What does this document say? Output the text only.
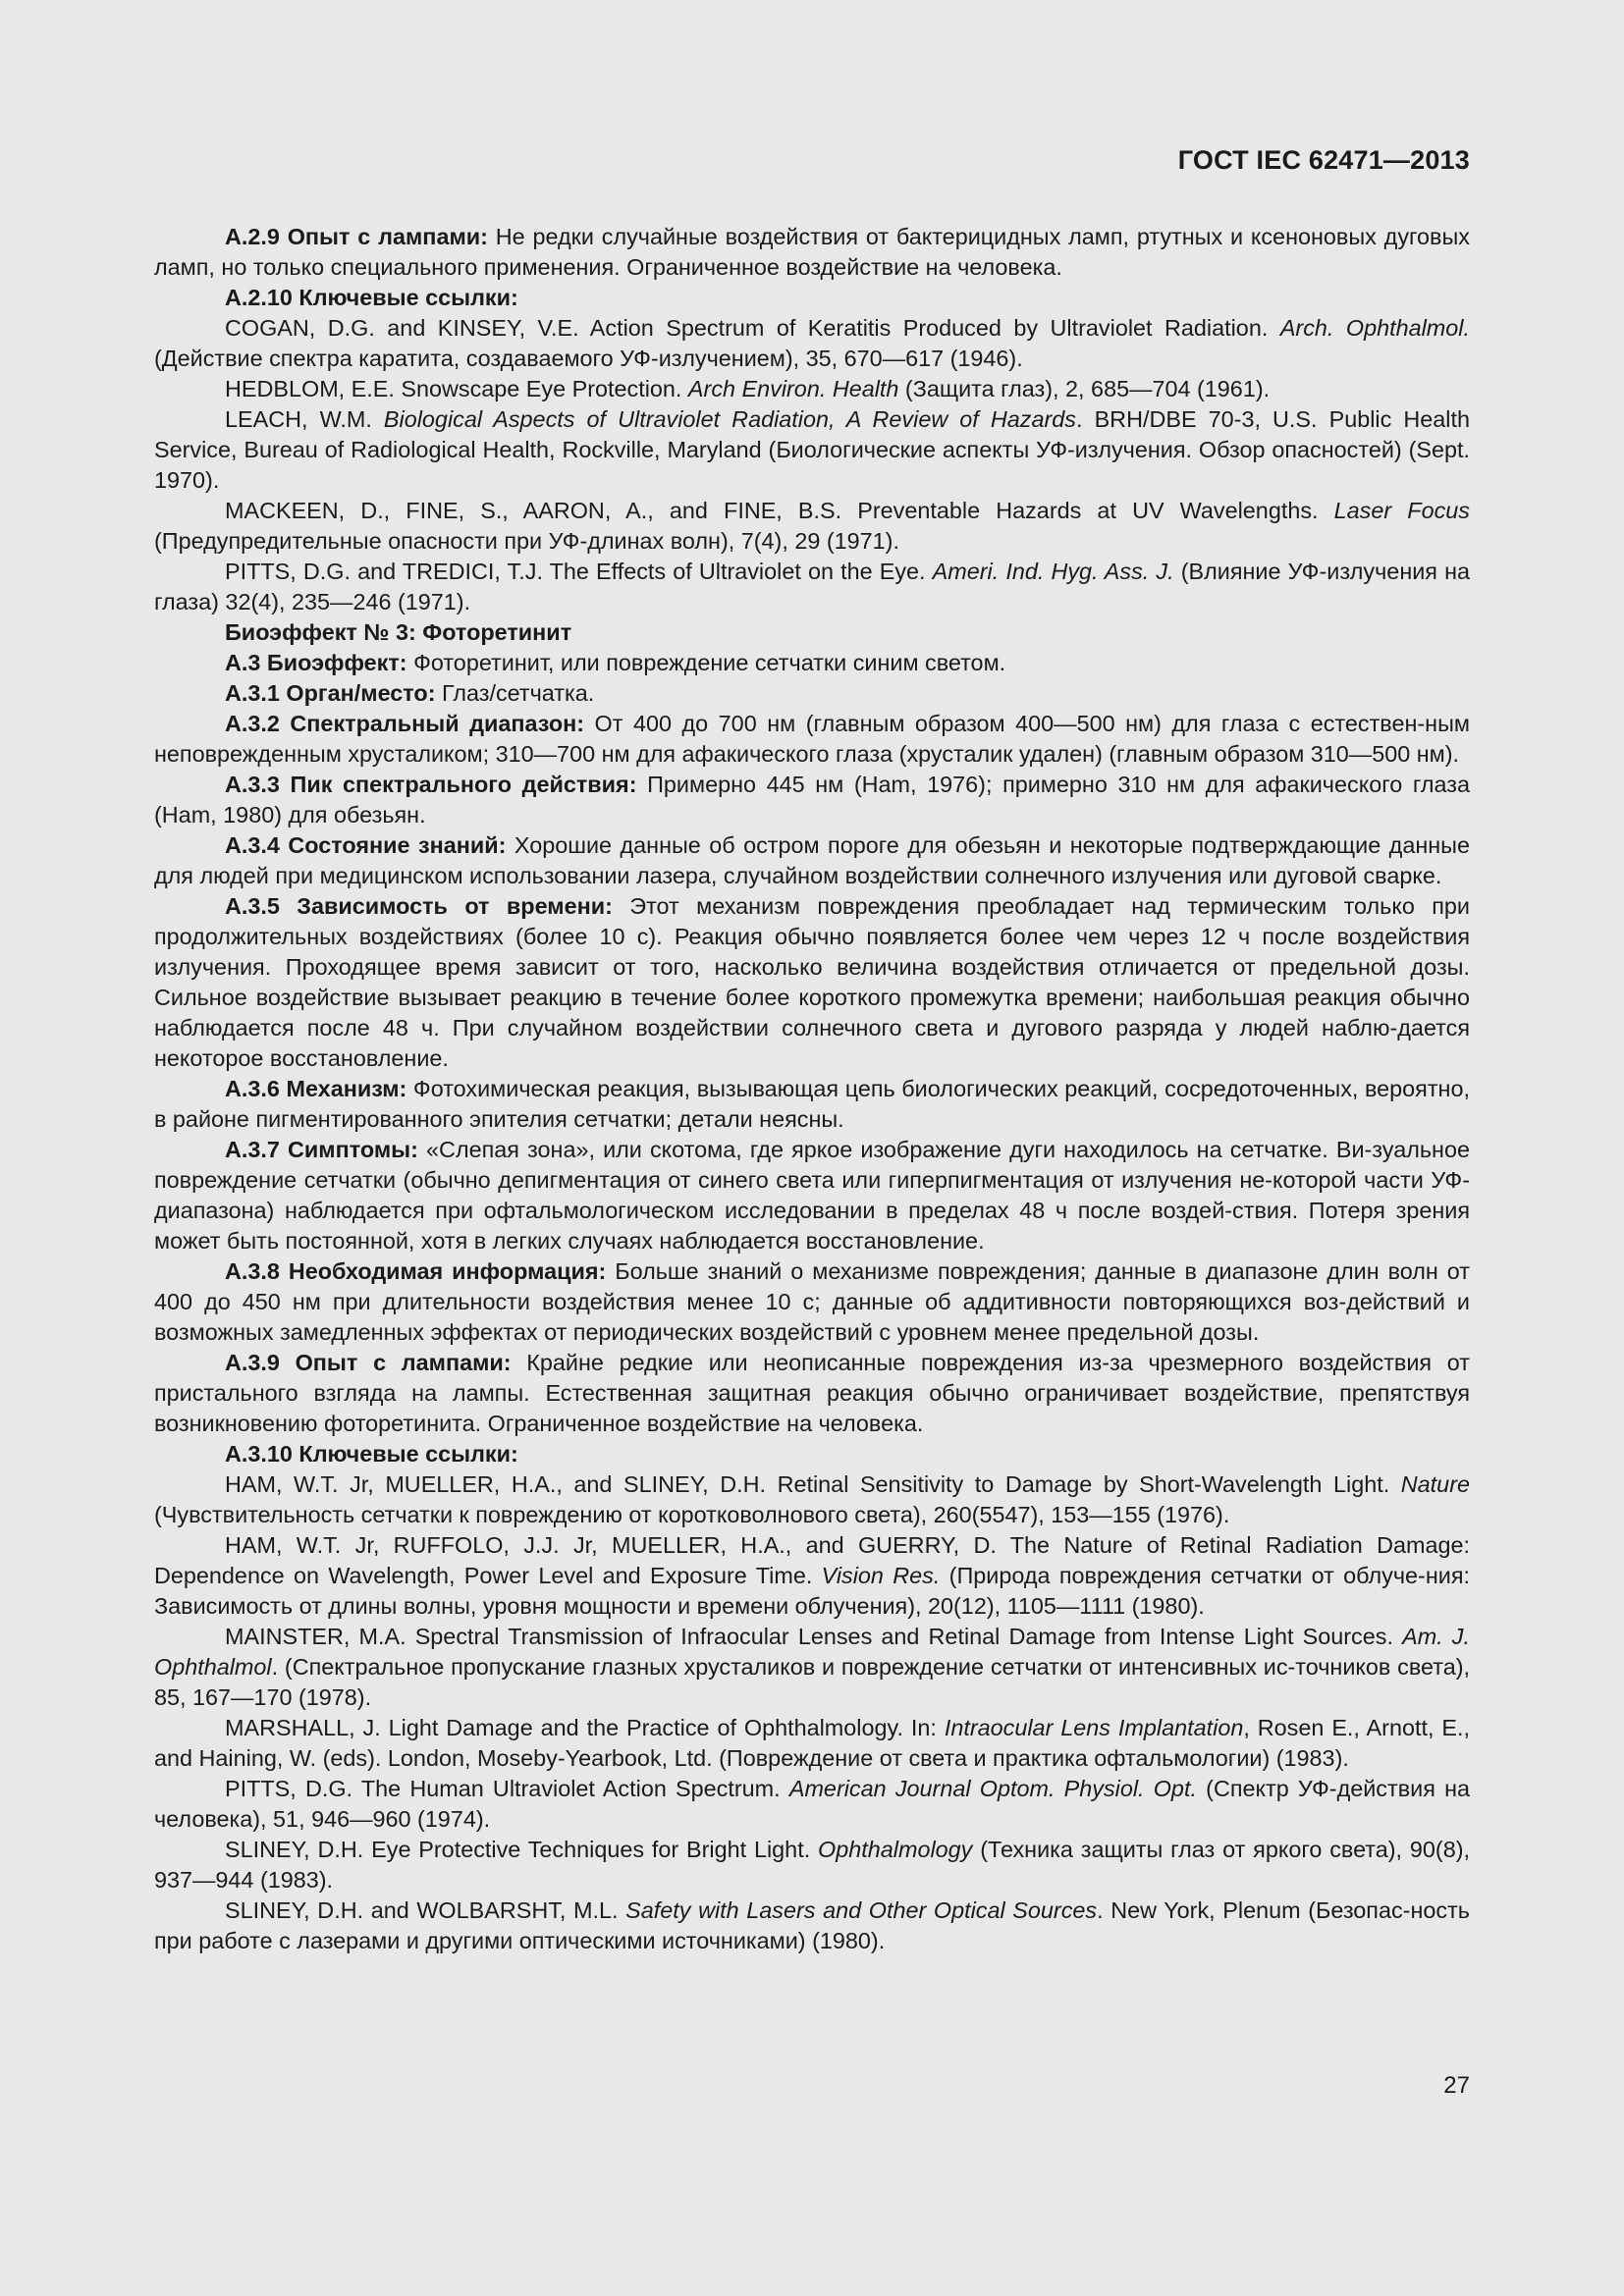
ГОСТ IEC 62471—2013

A.2.9 Опыт с лампами: Не редки случайные воздействия от бактерицидных ламп, ртутных и ксеноновых дуговых ламп, но только специального применения. Ограниченное воздействие на человека.

A.2.10 Ключевые ссылки:

COGAN, D.G. and KINSEY, V.E. Action Spectrum of Keratitis Produced by Ultraviolet Radiation. Arch. Ophthalmol. (Действие спектра каратита, создаваемого УФ-излучением), 35, 670—617 (1946).

HEDBLOM, E.E. Snowscape Eye Protection. Arch Environ. Health (Защита глаз), 2, 685—704 (1961).

LEACH, W.M. Biological Aspects of Ultraviolet Radiation, A Review of Hazards. BRH/DBE 70-3, U.S. Public Health Service, Bureau of Radiological Health, Rockville, Maryland (Биологические аспекты УФ-излучения. Обзор опасностей) (Sept. 1970).

MACKEEN, D., FINE, S., AARON, A., and FINE, B.S. Preventable Hazards at UV Wavelengths. Laser Focus (Предупредительные опасности при УФ-длинах волн), 7(4), 29 (1971).

PITTS, D.G. and TREDICI, T.J. The Effects of Ultraviolet on the Eye. Ameri. Ind. Hyg. Ass. J. (Влияние УФ-излучения на глаза) 32(4), 235—246 (1971).

Биоэффект № 3: Фоторетинит

A.3 Биоэффект: Фоторетинит, или повреждение сетчатки синим светом.

A.3.1 Орган/место: Глаз/сетчатка.

A.3.2 Спектральный диапазон: От 400 до 700 нм (главным образом 400—500 нм) для глаза с естествен-ным неповрежденным хрусталиком; 310—700 нм для афакического глаза (хрусталик удален) (главным образом 310—500 нм).

A.3.3 Пик спектрального действия: Примерно 445 нм (Ham, 1976); примерно 310 нм для афакического глаза (Ham, 1980) для обезьян.

A.3.4 Состояние знаний: Хорошие данные об остром пороге для обезьян и некоторые подтверждающие данные для людей при медицинском использовании лазера, случайном воздействии солнечного излучения или дуговой сварке.

A.3.5 Зависимость от времени: Этот механизм повреждения преобладает над термическим только при продолжительных воздействиях (более 10 с). Реакция обычно появляется более чем через 12 ч после воздействия излучения. Проходящее время зависит от того, насколько величина воздействия отличается от предельной дозы. Сильное воздействие вызывает реакцию в течение более короткого промежутка времени; наибольшая реакция обычно наблюдается после 48 ч. При случайном воздействии солнечного света и дугового разряда у людей наблю-дается некоторое восстановление.

A.3.6 Механизм: Фотохимическая реакция, вызывающая цепь биологических реакций, сосредоточенных, вероятно, в районе пигментированного эпителия сетчатки; детали неясны.

A.3.7 Симптомы: «Слепая зона», или скотома, где яркое изображение дуги находилось на сетчатке. Ви-зуальное повреждение сетчатки (обычно депигментация от синего света или гиперпигментация от излучения не-которой части УФ-диапазона) наблюдается при офтальмологическом исследовании в пределах 48 ч после воздей-ствия. Потеря зрения может быть постоянной, хотя в легких случаях наблюдается восстановление.

A.3.8 Необходимая информация: Больше знаний о механизме повреждения; данные в диапазоне длин волн от 400 до 450 нм при длительности воздействия менее 10 с; данные об аддитивности повторяющихся воз-действий и возможных замедленных эффектах от периодических воздействий с уровнем менее предельной дозы.

A.3.9 Опыт с лампами: Крайне редкие или неописанные повреждения из-за чрезмерного воздействия от пристального взгляда на лампы. Естественная защитная реакция обычно ограничивает воздействие, препятствуя возникновению фоторетинита. Ограниченное воздействие на человека.

A.3.10 Ключевые ссылки:

HAM, W.T. Jr, MUELLER, H.A., and SLINEY, D.H. Retinal Sensitivity to Damage by Short-Wavelength Light. Nature (Чувствительность сетчатки к повреждению от коротковолнового света), 260(5547), 153—155 (1976).

HAM, W.T. Jr, RUFFOLO, J.J. Jr, MUELLER, H.A., and GUERRY, D. The Nature of Retinal Radiation Damage: Dependence on Wavelength, Power Level and Exposure Time. Vision Res. (Природа повреждения сетчатки от облуче-ния: Зависимость от длины волны, уровня мощности и времени облучения), 20(12), 1105—1111 (1980).

MAINSTER, M.A. Spectral Transmission of Infraocular Lenses and Retinal Damage from Intense Light Sources. Am. J. Ophthalmol. (Спектральное пропускание глазных хрусталиков и повреждение сетчатки от интенсивных ис-точников света), 85, 167—170 (1978).

MARSHALL, J. Light Damage and the Practice of Ophthalmology. In: Intraocular Lens Implantation, Rosen E., Arnott, E., and Haining, W. (eds). London, Moseby-Yearbook, Ltd. (Повреждение от света и практика офтальмологии) (1983).

PITTS, D.G. The Human Ultraviolet Action Spectrum. American Journal Optom. Physiol. Opt. (Спектр УФ-действия на человека), 51, 946—960 (1974).

SLINEY, D.H. Eye Protective Techniques for Bright Light. Ophthalmology (Техника защиты глаз от яркого света), 90(8), 937—944 (1983).

SLINEY, D.H. and WOLBARSHT, M.L. Safety with Lasers and Other Optical Sources. New York, Plenum (Безопас-ность при работе с лазерами и другими оптическими источниками) (1980).

27
